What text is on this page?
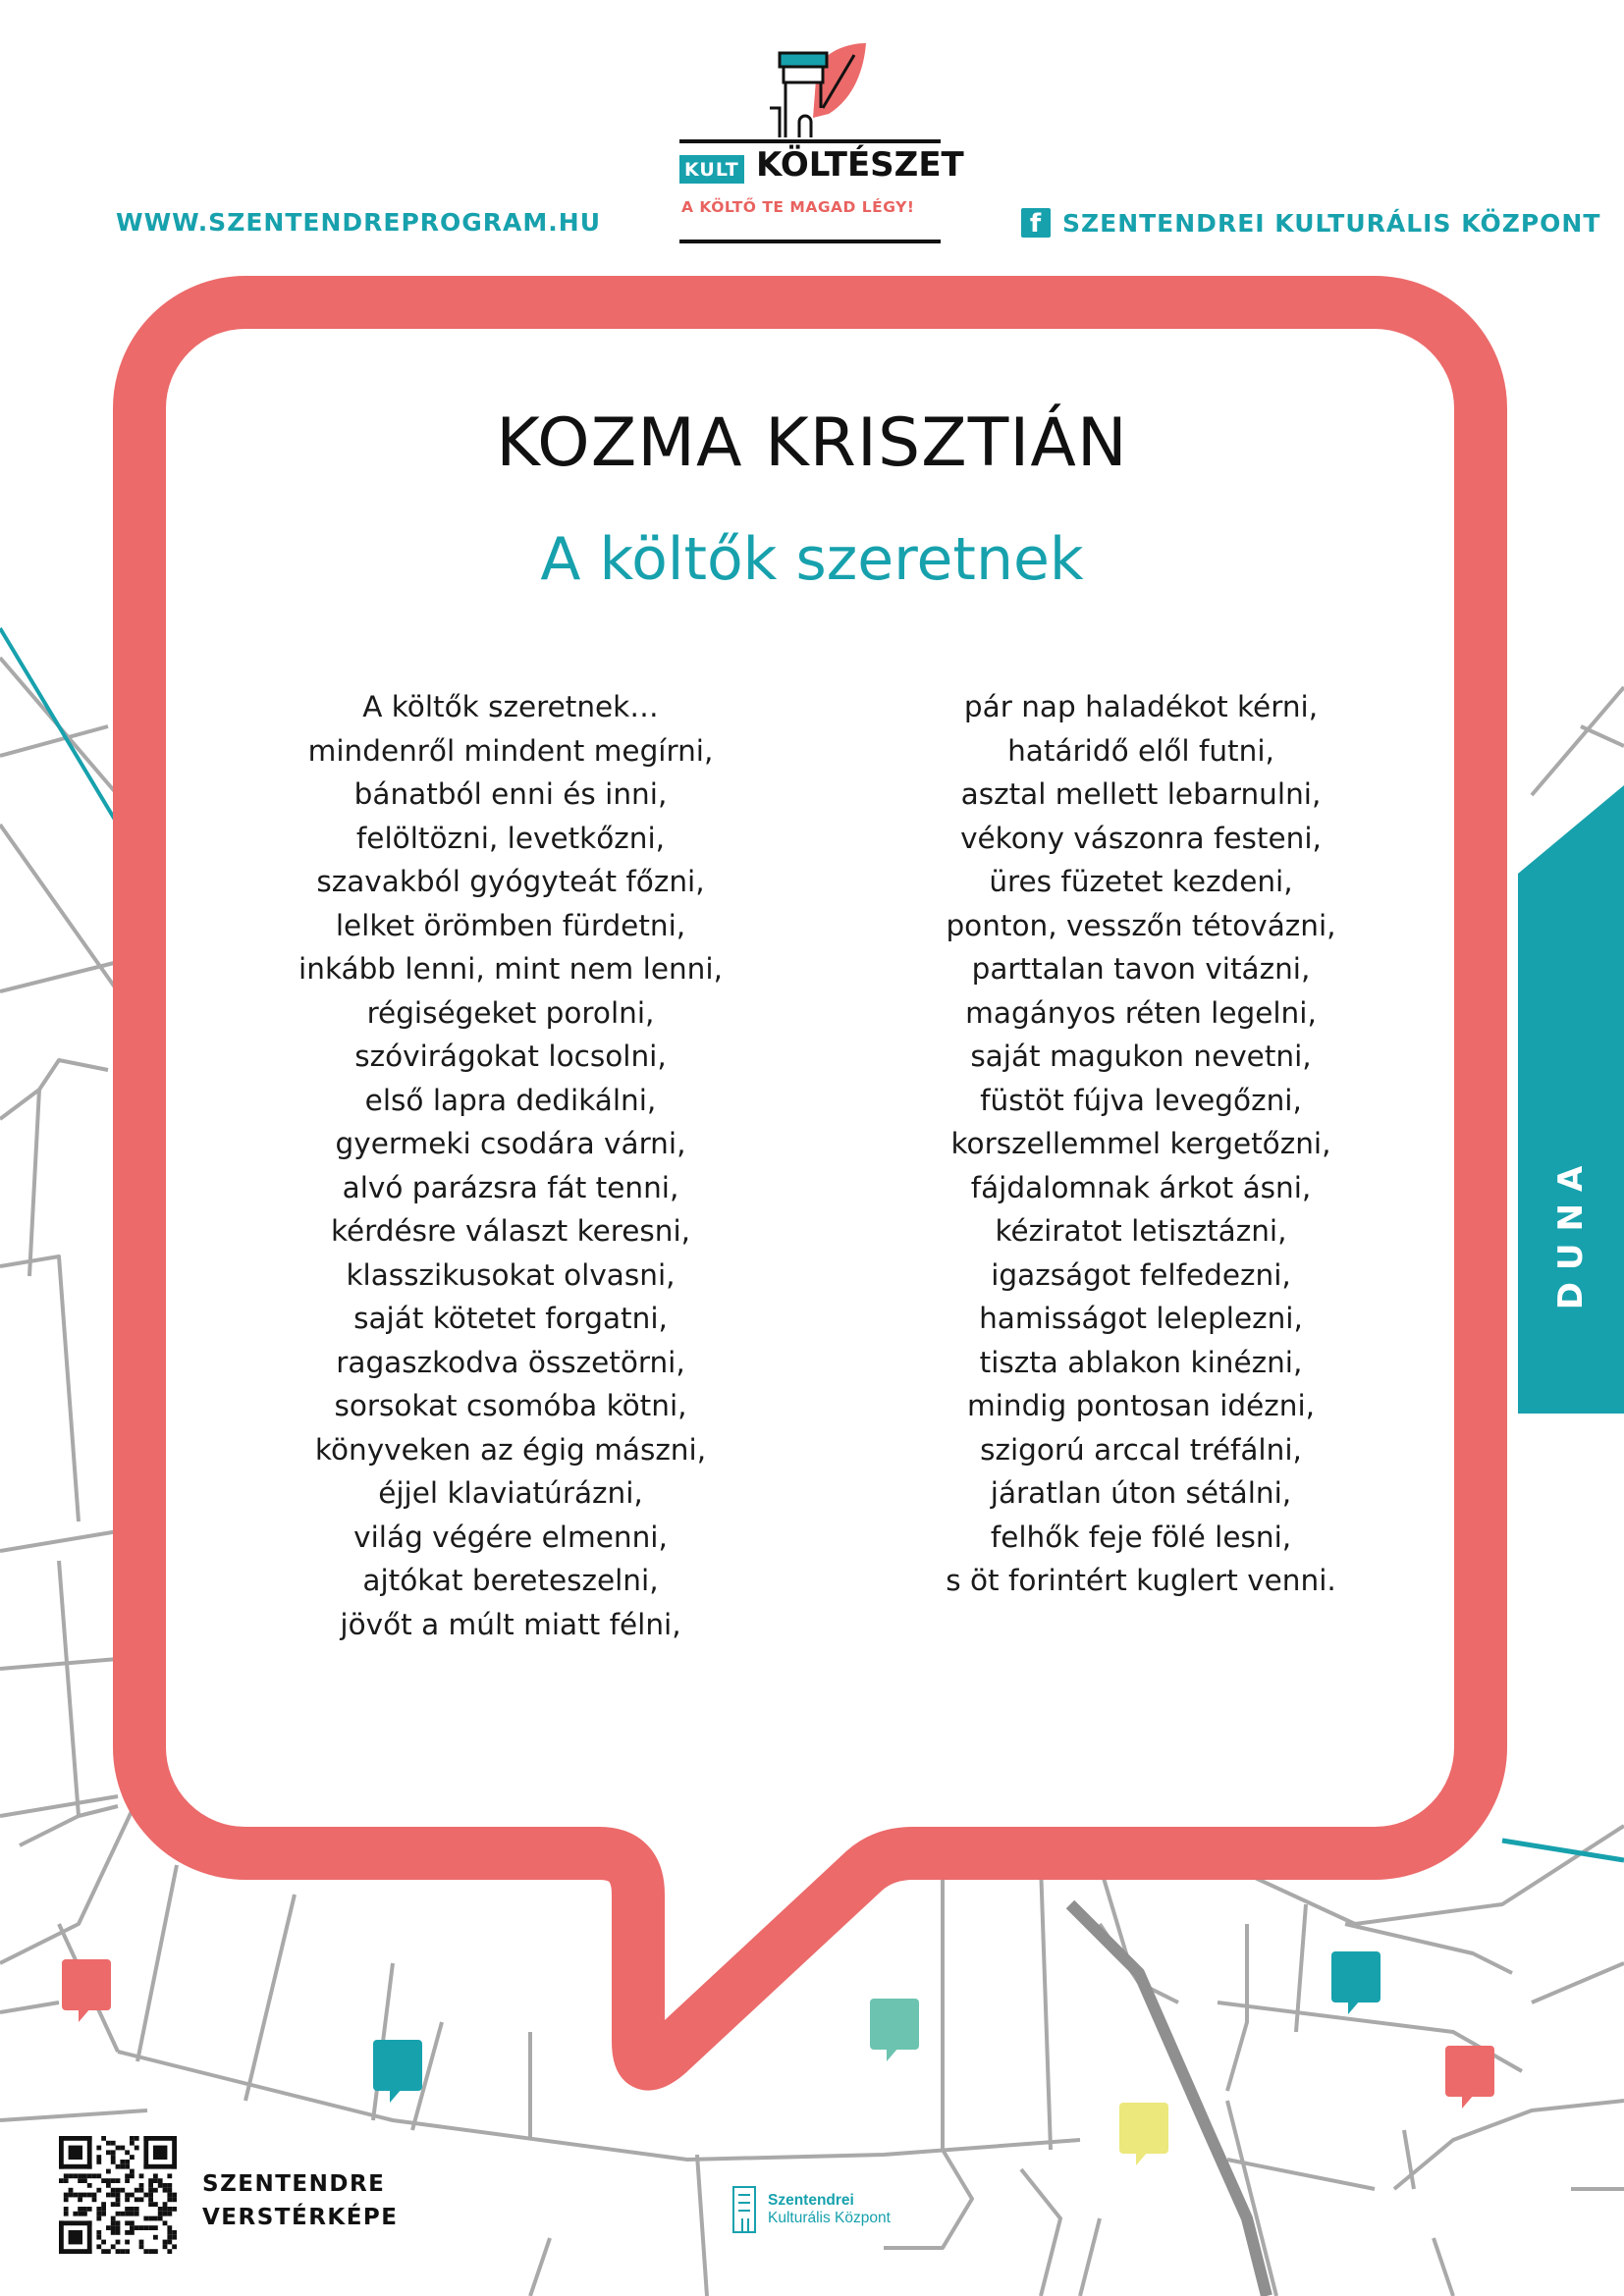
WWW.SZENTENDREPROGRAM.HU
KULT KÖLTÉSZET
A KÖLTŐ TE MAGAD LÉGY!
f SZENTENDREI KULTURÁLIS KÖZPONT
KOZMA KRISZTIÁN
A költők szeretnek
A költők szeretnek…
mindenről mindent megírni,
bánatból enni és inni,
felöltözni, levetkőzni,
szavakból gyógyteát főzni,
lelket örömben fürdetni,
inkább lenni, mint nem lenni,
régiségeket porolni,
szóvirágokat locsolni,
első lapra dedikálni,
gyermeki csodára várni,
alvó parázsra fát tenni,
kérdésre választ keresni,
klasszikusokat olvasni,
saját kötetet forgatni,
ragaszkodva összetörni,
sorsokat csomóba kötni,
könyveken az égig mászni,
éjjel klaviatúrázni,
világ végére elmenni,
ajtókat bereteszelni,
jövőt a múlt miatt félni,
pár nap haladékot kérni,
határidő elől futni,
asztal mellett lebarnulni,
vékony vászonra festeni,
üres füzetet kezdeni,
ponton, vesszőn tétovázni,
parttalan tavon vitázni,
magányos réten legelni,
saját magukon nevetni,
füstöt fújva levegőzni,
korszellemmel kergetőzni,
fájdalomnak árkot ásni,
kéziratot letisztázni,
igazságot felfedezni,
hamisságot leleplezni,
tiszta ablakon kinézni,
mindig pontosan idézni,
szigorú arccal tréfálni,
járatlan úton sétálni,
felhők feje fölé lesni,
s öt forintért kuglert venni.
DUNA
SZENTENDRE
VERSTÉRKÉPE
Szentendrei
Kulturális Központ
